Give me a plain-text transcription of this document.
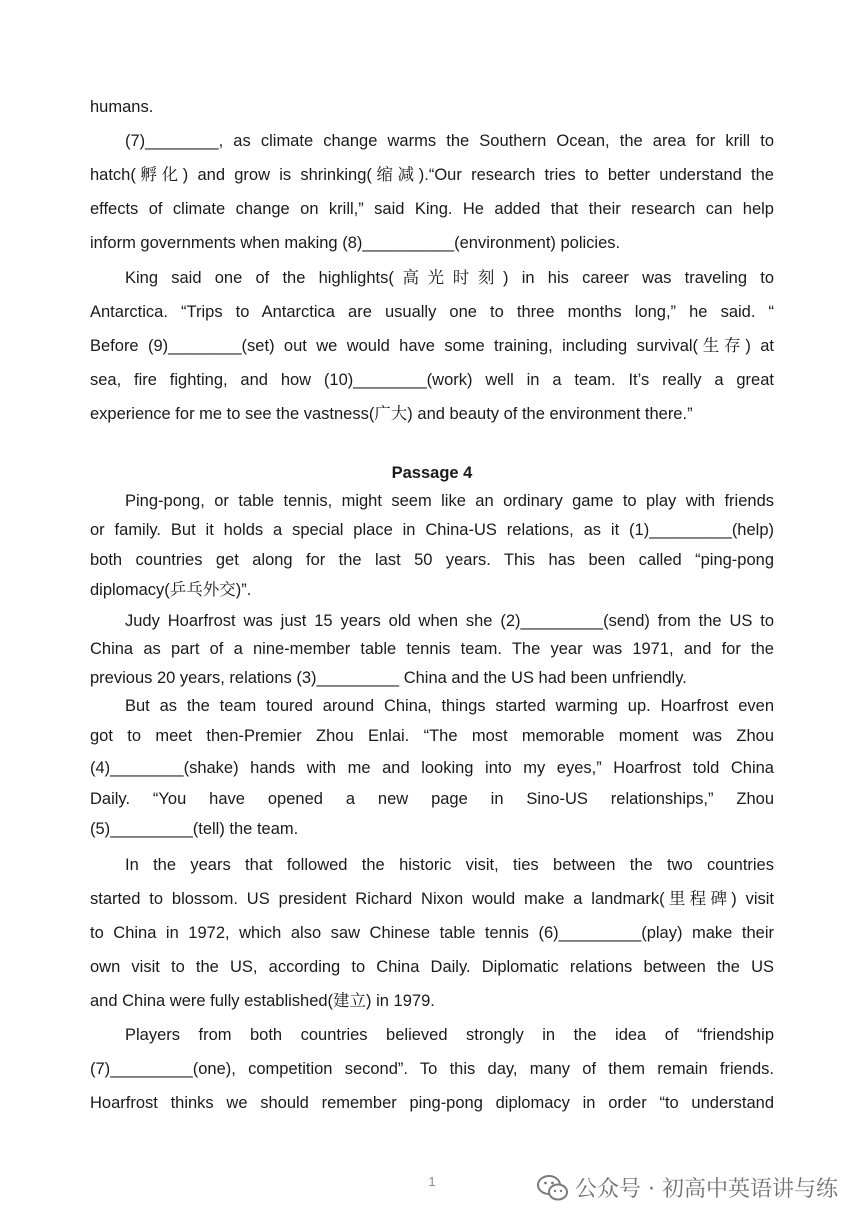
humans.
(7)________, as climate change warms the Southern Ocean, the area for krill to
hatch(孵化) and grow is shrinking(缩减).“Our research tries to better understand the
effects of climate change on krill,” said King. He added that their research can help
inform governments when making (8)__________(environment) policies.
King said one of the highlights(高光时刻) in his career was traveling to
Antarctica. “Trips to Antarctica are usually one to three months long,” he said. “
Before (9)________(set) out we would have some training, including survival(生存) at
sea, fire fighting, and how (10)________(work) well in a team. It’s really a great
experience for me to see the vastness(广大) and beauty of the environment there.”
Passage 4
Ping-pong, or table tennis, might seem like an ordinary game to play with friends
or family. But it holds a special place in China-US relations, as it (1)_________(help)
both countries get along for the last 50 years. This has been called “ping-pong
diplomacy(乒乓外交)”.
Judy Hoarfrost was just 15 years old when she (2)_________(send) from the US to
China as part of a nine-member table tennis team. The year was 1971, and for the
previous 20 years, relations (3)_________ China and the US had been unfriendly.
But as the team toured around China, things started warming up. Hoarfrost even
got to meet then-Premier Zhou Enlai. “The most memorable moment was Zhou
(4)________(shake) hands with me and looking into my eyes,” Hoarfrost told China
Daily. “You have opened a new page in Sino-US relationships,” Zhou
(5)_________(tell) the team.
In the years that followed the historic visit, ties between the two countries
started to blossom. US president Richard Nixon would make a landmark(里程碑) visit
to China in 1972, which also saw Chinese table tennis (6)_________(play) make their
own visit to the US, according to China Daily. Diplomatic relations between the US
and China were fully established(建立) in 1979.
Players from both countries believed strongly in the idea of “friendship
(7)_________(one), competition second”. To this day, many of them remain friends.
Hoarfrost thinks we should remember ping-pong diplomacy in order “to understand
1	公众号 · 初高中英语讲与练
